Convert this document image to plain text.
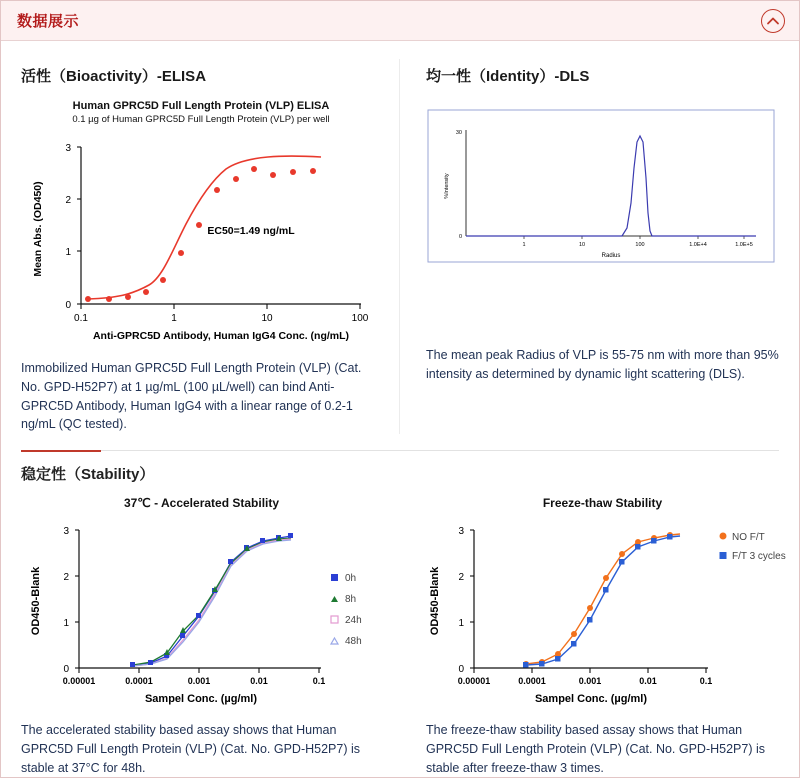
数据展示
活性（Bioactivity）-ELISA
Human GPRC5D Full Length Protein (VLP) ELISA
0.1 µg of Human GPRC5D Full Length Protein (VLP) per well
0
1
2
3
0.1	1	10	100
EC50=1.49 ng/mL
Anti-GPRC5D Antibody, Human IgG4 Conc. (ng/mL)
Mean Abs. (OD450)
Immobilized Human GPRC5D Full Length Protein (VLP) (Cat. No. GPD-H52P7) at 1 µg/mL (100 µL/well) can bind Anti-GPRC5D Antibody, Human IgG4 with a linear range of 0.2-1 ng/mL (QC tested).
均一性（Identity）-DLS
30
0
1	10	100	1.0E+4	1.0E+5
Radius
%Intensity
The mean peak Radius of VLP is 55-75 nm with more than 95% intensity as determined by dynamic light scattering (DLS).
稳定性（Stability）
37℃ - Accelerated Stability
0
1
2
3
0.00001	0.0001	0.001	0.01	0.1
Sampel Conc. (µg/ml)
OD450-Blank	0h
8h
24h
48h
The accelerated stability based assay shows that Human GPRC5D Full Length Protein (VLP) (Cat. No. GPD-H52P7) is stable at 37°C for 48h.
Freeze-thaw Stability
0
1
2
3
0.00001	0.0001	0.001	0.01	0.1
Sampel Conc. (µg/ml)
OD450-Blank
NO F/T
F/T 3 cycles
The freeze-thaw stability based assay shows that Human GPRC5D Full Length Protein (VLP) (Cat. No. GPD-H52P7) is stable after freeze-thaw 3 times.
